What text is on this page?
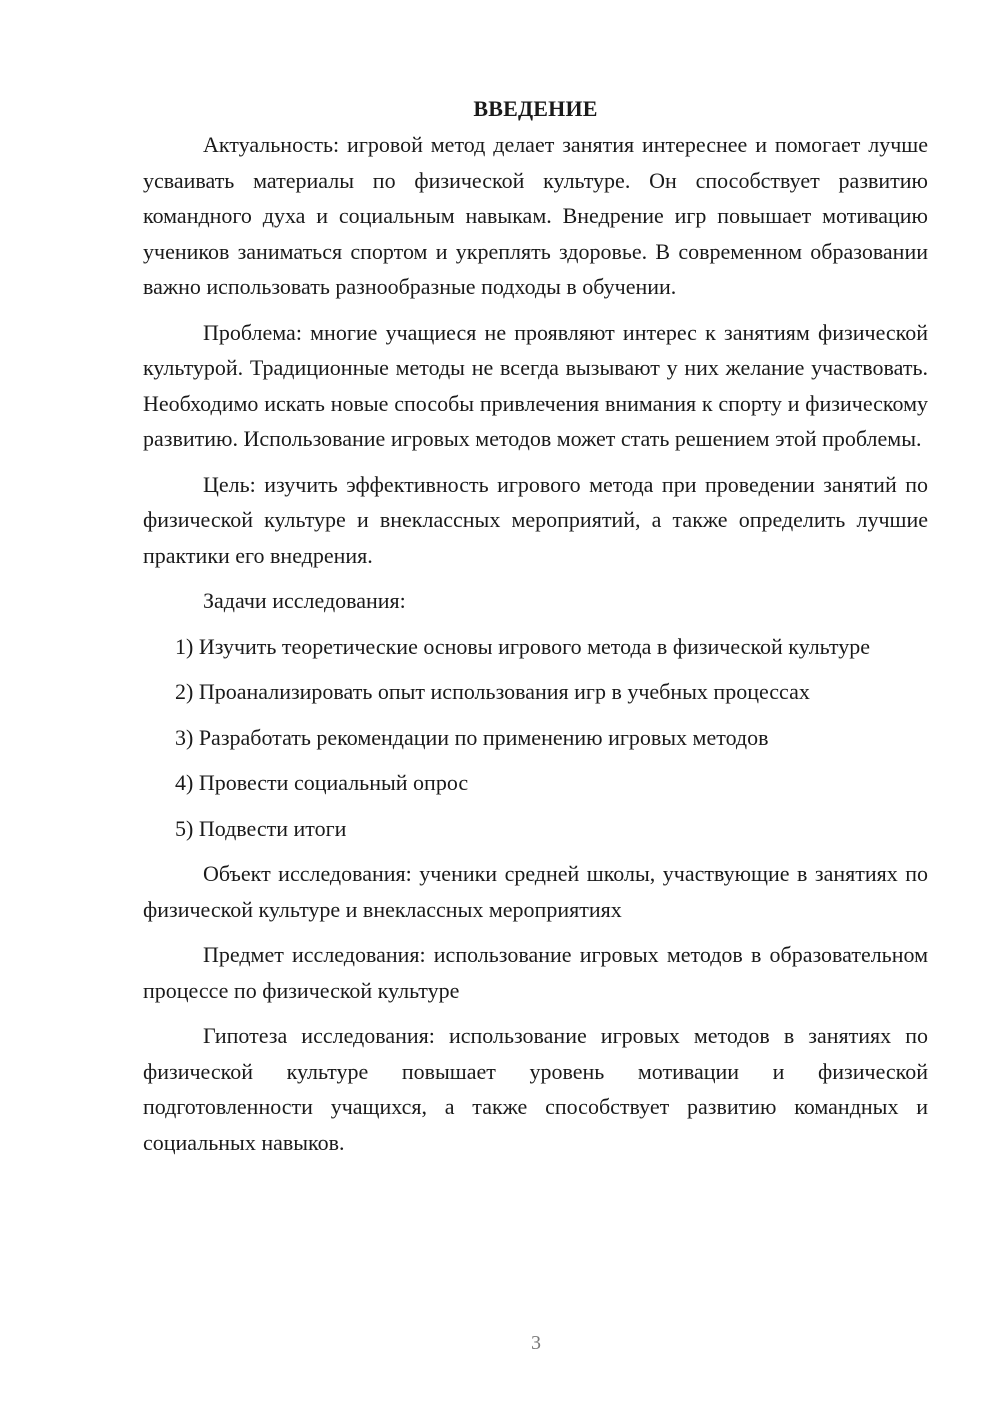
ВВЕДЕНИЕ

Актуальность: игровой метод делает занятия интереснее и помогает лучше усваивать материалы по физической культуре. Он способствует развитию командного духа и социальным навыкам. Внедрение игр повышает мотивацию учеников заниматься спортом и укреплять здоровье. В современном образовании важно использовать разнообразные подходы в обучении.

Проблема: многие учащиеся не проявляют интерес к занятиям физической культурой. Традиционные методы не всегда вызывают у них желание участвовать. Необходимо искать новые способы привлечения внимания к спорту и физическому развитию. Использование игровых методов может стать решением этой проблемы.

Цель: изучить эффективность игрового метода при проведении занятий по физической культуре и внеклассных мероприятий, а также определить лучшие практики его внедрения.

Задачи исследования:

1) Изучить теоретические основы игрового метода в физической культуре

2) Проанализировать опыт использования игр в учебных процессах

3) Разработать рекомендации по применению игровых методов

4) Провести социальный опрос

5) Подвести итоги

Объект исследования: ученики средней школы, участвующие в занятиях по физической культуре и внеклассных мероприятиях

Предмет исследования: использование игровых методов в образовательном процессе по физической культуре

Гипотеза исследования: использование игровых методов в занятиях по физической культуре повышает уровень мотивации и физической подготовленности учащихся, а также способствует развитию командных и социальных навыков.

3
